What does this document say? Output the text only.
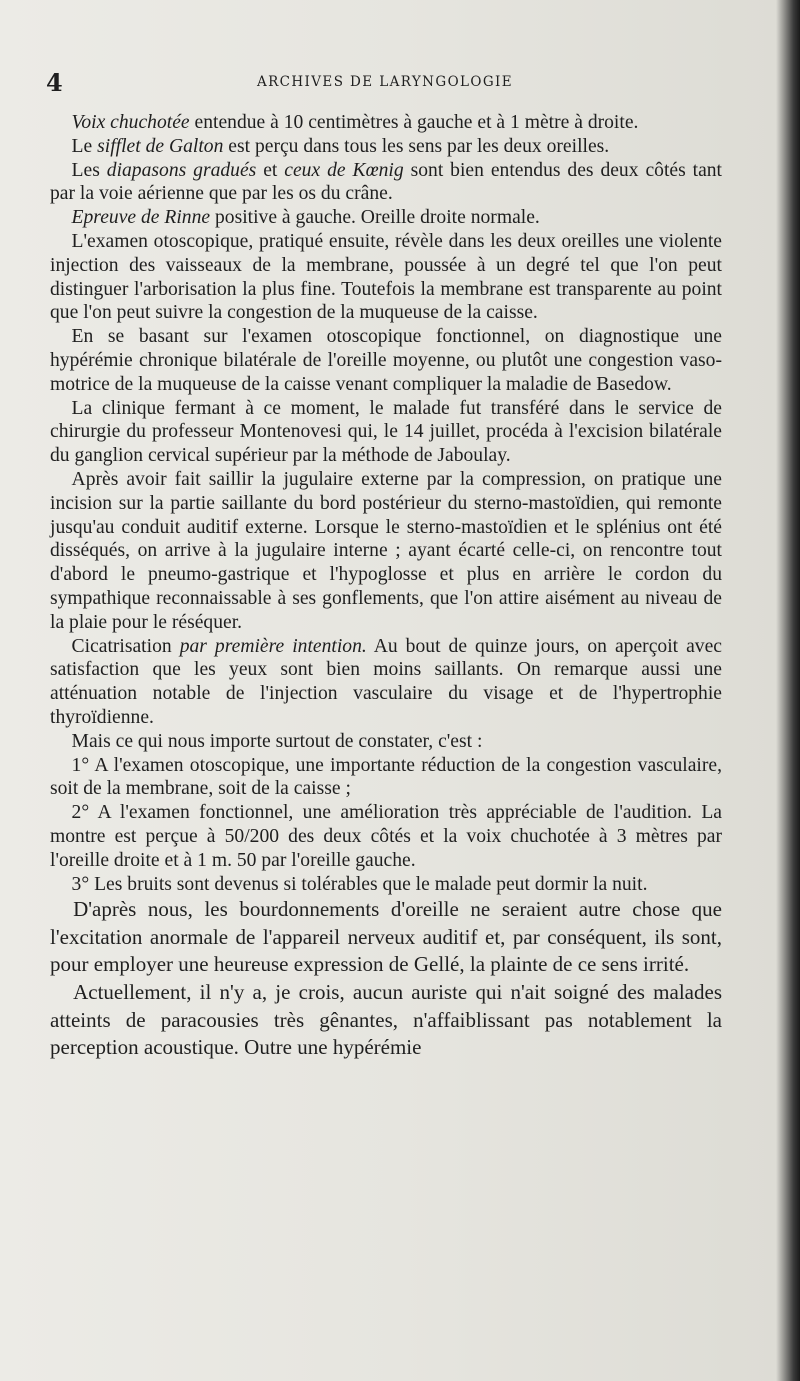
4	ARCHIVES DE LARYNGOLOGIE

Voix chuchotée entendue à 10 centimètres à gauche et à 1 mètre à droite.

Le sifflet de Galton est perçu dans tous les sens par les deux oreilles.

Les diapasons gradués et ceux de Kœnig sont bien entendus des deux côtés tant par la voie aérienne que par les os du crâne.

Epreuve de Rinne positive à gauche. Oreille droite normale.

L'examen otoscopique, pratiqué ensuite, révèle dans les deux oreilles une violente injection des vaisseaux de la membrane, poussée à un degré tel que l'on peut distinguer l'arborisation la plus fine. Toutefois la membrane est transparente au point que l'on peut suivre la congestion de la muqueuse de la caisse.

En se basant sur l'examen otoscopique fonctionnel, on diagnostique une hypérémie chronique bilatérale de l'oreille moyenne, ou plutôt une congestion vaso-motrice de la muqueuse de la caisse venant compliquer la maladie de Basedow.

La clinique fermant à ce moment, le malade fut transféré dans le service de chirurgie du professeur Montenovesi qui, le 14 juillet, procéda à l'excision bilatérale du ganglion cervical supérieur par la méthode de Jaboulay.

Après avoir fait saillir la jugulaire externe par la compression, on pratique une incision sur la partie saillante du bord postérieur du sterno-mastoïdien, qui remonte jusqu'au conduit auditif externe. Lorsque le sterno-mastoïdien et le splénius ont été disséqués, on arrive à la jugulaire interne ; ayant écarté celle-ci, on rencontre tout d'abord le pneumo-gastrique et l'hypoglosse et plus en arrière le cordon du sympathique reconnaissable à ses gonflements, que l'on attire aisément au niveau de la plaie pour le réséquer.

Cicatrisation par première intention. Au bout de quinze jours, on aperçoit avec satisfaction que les yeux sont bien moins saillants. On remarque aussi une atténuation notable de l'injection vasculaire du visage et de l'hypertrophie thyroïdienne.

Mais ce qui nous importe surtout de constater, c'est :

1° A l'examen otoscopique, une importante réduction de la congestion vasculaire, soit de la membrane, soit de la caisse ;

2° A l'examen fonctionnel, une amélioration très appréciable de l'audition. La montre est perçue à 50/200 des deux côtés et la voix chuchotée à 3 mètres par l'oreille droite et à 1 m. 50 par l'oreille gauche.

3° Les bruits sont devenus si tolérables que le malade peut dormir la nuit.

D'après nous, les bourdonnements d'oreille ne seraient autre chose que l'excitation anormale de l'appareil nerveux auditif et, par conséquent, ils sont, pour employer une heureuse expression de Gellé, la plainte de ce sens irrité.

Actuellement, il n'y a, je crois, aucun auriste qui n'ait soigné des malades atteints de paracousies très gênantes, n'affaiblissant pas notablement la perception acoustique. Outre une hypérémie
